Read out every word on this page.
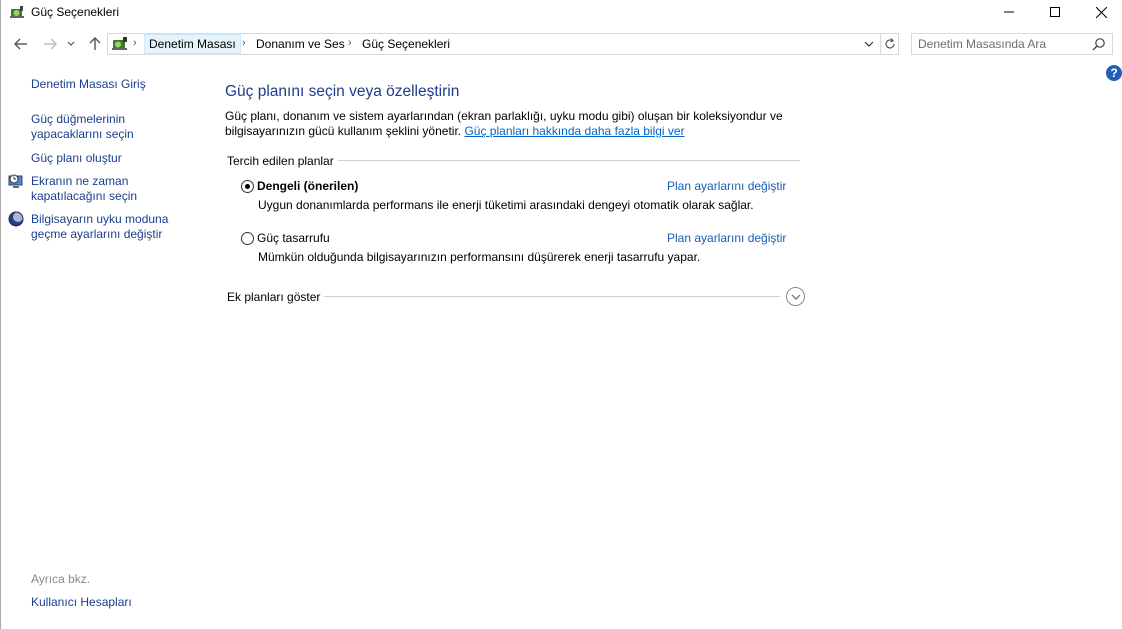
Güç Seçenekleri
›	Denetim Masası › Donanım ve Ses › Güç Seçenekleri
Denetim Masasında Ara
?
Denetim Masası Giriş
Güç düğmelerinin
yapacaklarını seçin
Güç planı oluştur
Ekranın ne zaman
kapatılacağını seçin
Bilgisayarın uyku moduna
geçme ayarlarını değiştir
Ayrıca bkz.
Kullanıcı Hesapları
Güç planını seçin veya özelleştirin
Güç planı, donanım ve sistem ayarlarından (ekran parlaklığı, uyku modu gibi) oluşan bir koleksiyondur ve
bilgisayarınızın gücü kullanım şeklini yönetir. Güç planları hakkında daha fazla bilgi ver
Tercih edilen planlar
Dengeli (önerilen)	Plan ayarlarını değiştir
Uygun donanımlarda performans ile enerji tüketimi arasındaki dengeyi otomatik olarak sağlar.
Güç tasarrufu	Plan ayarlarını değiştir
Mümkün olduğunda bilgisayarınızın performansını düşürerek enerji tasarrufu yapar.
Ek planları göster
